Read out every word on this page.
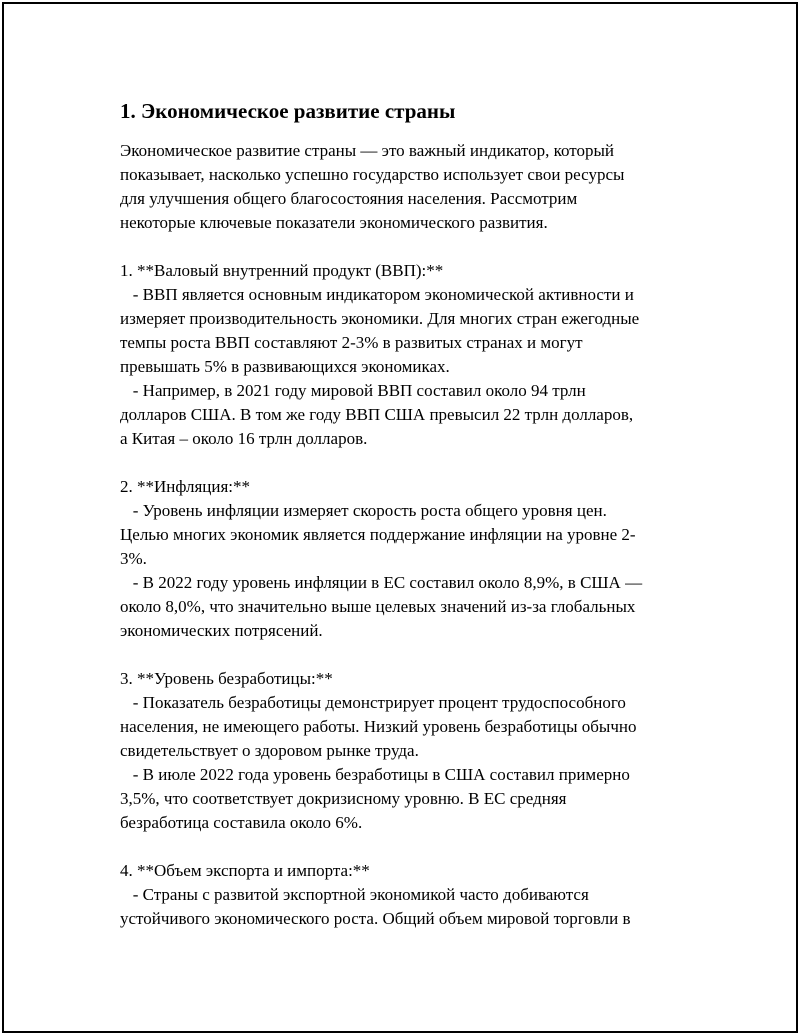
1. Экономическое развитие страны

Экономическое развитие страны — это важный индикатор, который

показывает, насколько успешно государство использует свои ресурсы

для улучшения общего благосостояния населения. Рассмотрим

некоторые ключевые показатели экономического развития.

1. **Валовый внутренний продукт (ВВП):**

- ВВП является основным индикатором экономической активности и

измеряет производительность экономики. Для многих стран ежегодные

темпы роста ВВП составляют 2-3% в развитых странах и могут

превышать 5% в развивающихся экономиках.

- Например, в 2021 году мировой ВВП составил около 94 трлн

долларов США. В том же году ВВП США превысил 22 трлн долларов,

а Китая – около 16 трлн долларов.

2. **Инфляция:**

- Уровень инфляции измеряет скорость роста общего уровня цен.

Целью многих экономик является поддержание инфляции на уровне 2-

3%.

- В 2022 году уровень инфляции в ЕС составил около 8,9%, в США —

около 8,0%, что значительно выше целевых значений из-за глобальных

экономических потрясений.

3. **Уровень безработицы:**

- Показатель безработицы демонстрирует процент трудоспособного

населения, не имеющего работы. Низкий уровень безработицы обычно

свидетельствует о здоровом рынке труда.

- В июле 2022 года уровень безработицы в США составил примерно

3,5%, что соответствует докризисному уровню. В ЕС средняя

безработица составила около 6%.

4. **Объем экспорта и импорта:**

- Страны с развитой экспортной экономикой часто добиваются

устойчивого экономического роста. Общий объем мировой торговли в
